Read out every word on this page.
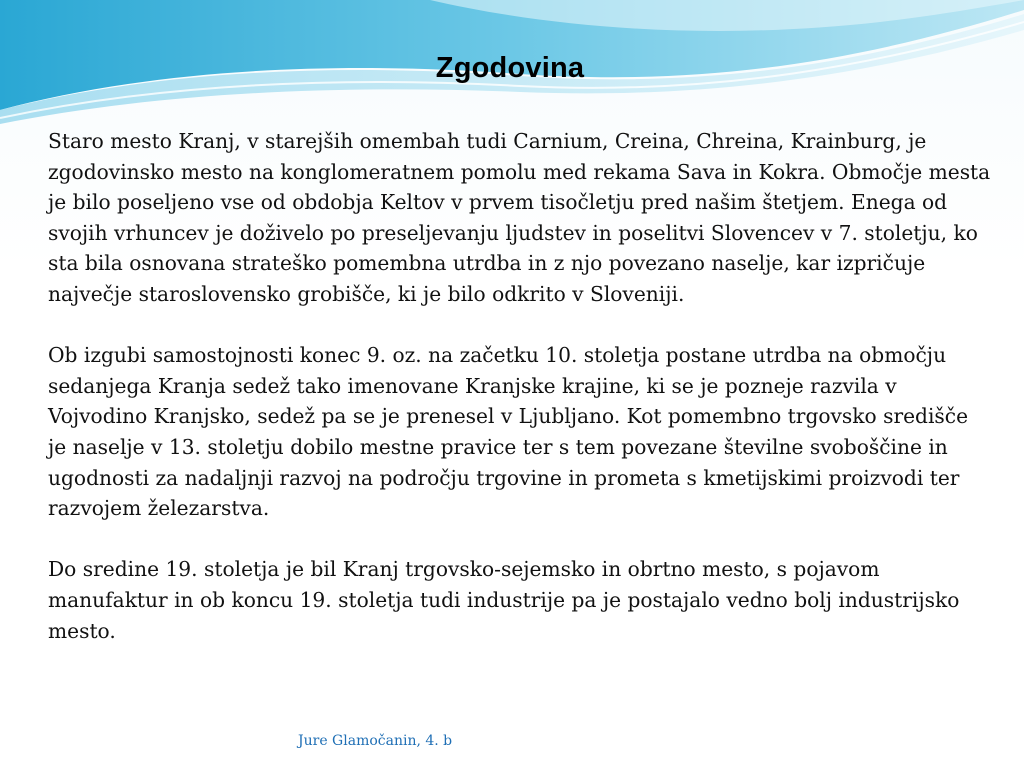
Zgodovina

Staro mesto Kranj, v starejših omembah tudi Carnium, Creina, Chreina, Krainburg, je zgodovinsko mesto na konglomeratnem pomolu med rekama Sava in Kokra. Območje mesta je bilo poseljeno vse od obdobja Keltov v prvem tisočletju pred našim štetjem. Enega od svojih vrhuncev je doživelo po preseljevanju ljudstev in poselitvi Slovencev v 7. stoletju, ko sta bila osnovana strateško pomembna utrdba in z njo povezano naselje, kar izpričuje največje staroslovensko grobišče, ki je bilo odkrito v Sloveniji.

Ob izgubi samostojnosti konec 9. oz. na začetku 10. stoletja postane utrdba na območju sedanjega Kranja sedež tako imenovane Kranjske krajine, ki se je pozneje razvila v Vojvodino Kranjsko, sedež pa se je prenesel v Ljubljano. Kot pomembno trgovsko središče je naselje v 13. stoletju dobilo mestne pravice ter s tem povezane številne svoboščine in ugodnosti za nadaljnji razvoj na področju trgovine in prometa s kmetijskimi proizvodi ter razvojem železarstva.

Do sredine 19. stoletja je bil Kranj trgovsko-sejemsko in obrtno mesto, s pojavom manufaktur in ob koncu 19. stoletja tudi industrije pa je postajalo vedno bolj industrijsko mesto.

Jure Glamočanin, 4. b
